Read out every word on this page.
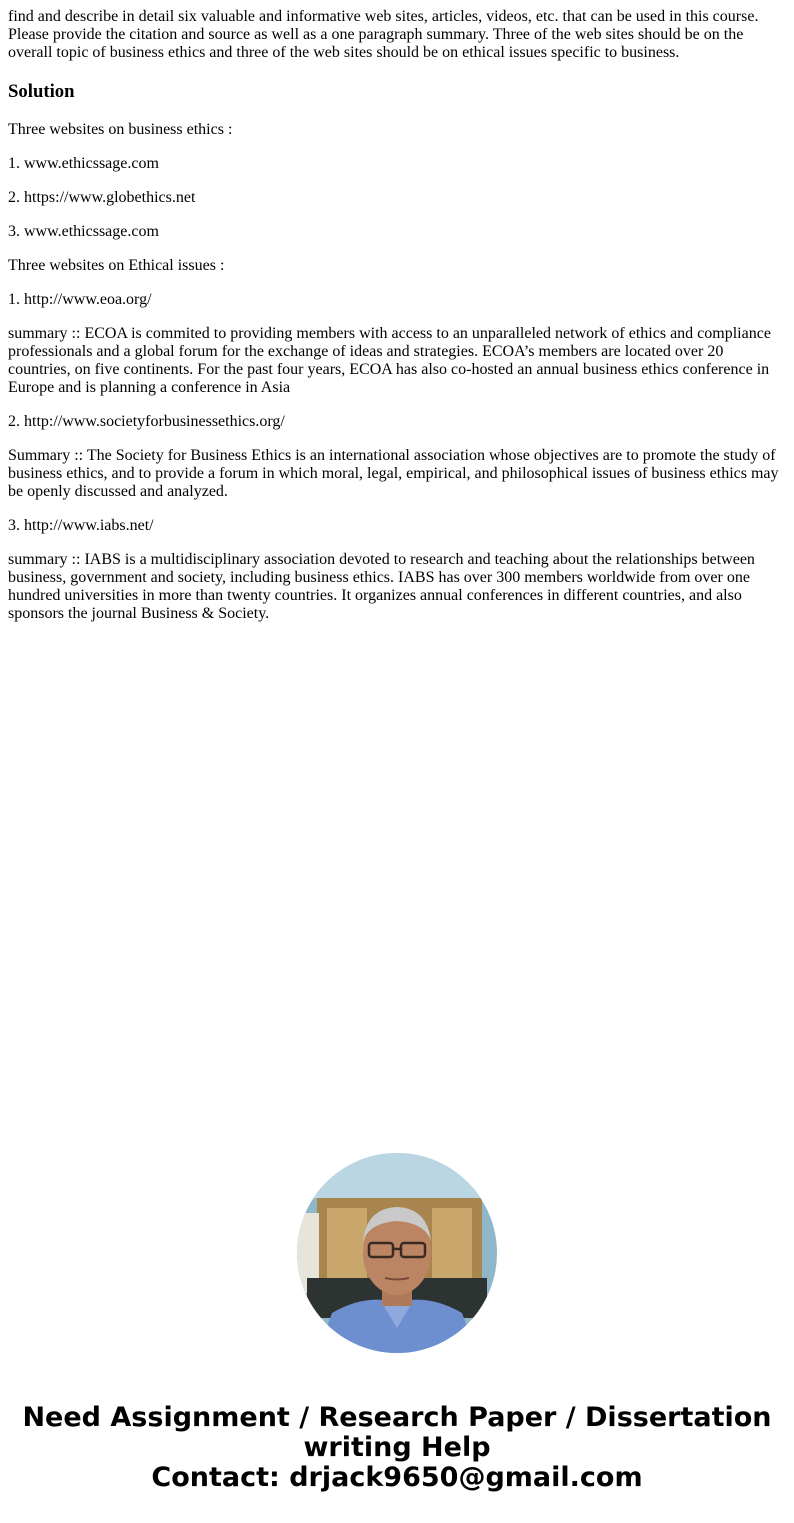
find and describe in detail six valuable and informative web sites, articles, videos, etc. that can be used in this course. Please provide the citation and source as well as a one paragraph summary. Three of the web sites should be on the overall topic of business ethics and three of the web sites should be on ethical issues specific to business.

Solution

Three websites on business ethics :

1. www.ethicssage.com

2. https://www.globethics.net

3. www.ethicssage.com

Three websites on Ethical issues :

1. http://www.eoa.org/

summary :: ECOA is commited to providing members with access to an unparalleled network of ethics and compliance professionals and a global forum for the exchange of ideas and strategies. ECOA’s members are located over 20 countries, on five continents. For the past four years, ECOA has also co-hosted an annual business ethics conference in Europe and is planning a conference in Asia

2. http://www.societyforbusinessethics.org/

Summary :: The Society for Business Ethics is an international association whose objectives are to promote the study of business ethics, and to provide a forum in which moral, legal, empirical, and philosophical issues of business ethics may be openly discussed and analyzed.

3. http://www.iabs.net/

summary :: IABS is a multidisciplinary association devoted to research and teaching about the relationships between business, government and society, including business ethics. IABS has over 300 members worldwide from over one hundred universities in more than twenty countries. It organizes annual conferences in different countries, and also sponsors the journal Business & Society.

Need Assignment / Research Paper / Dissertation
writing Help
Contact: drjack9650@gmail.com
